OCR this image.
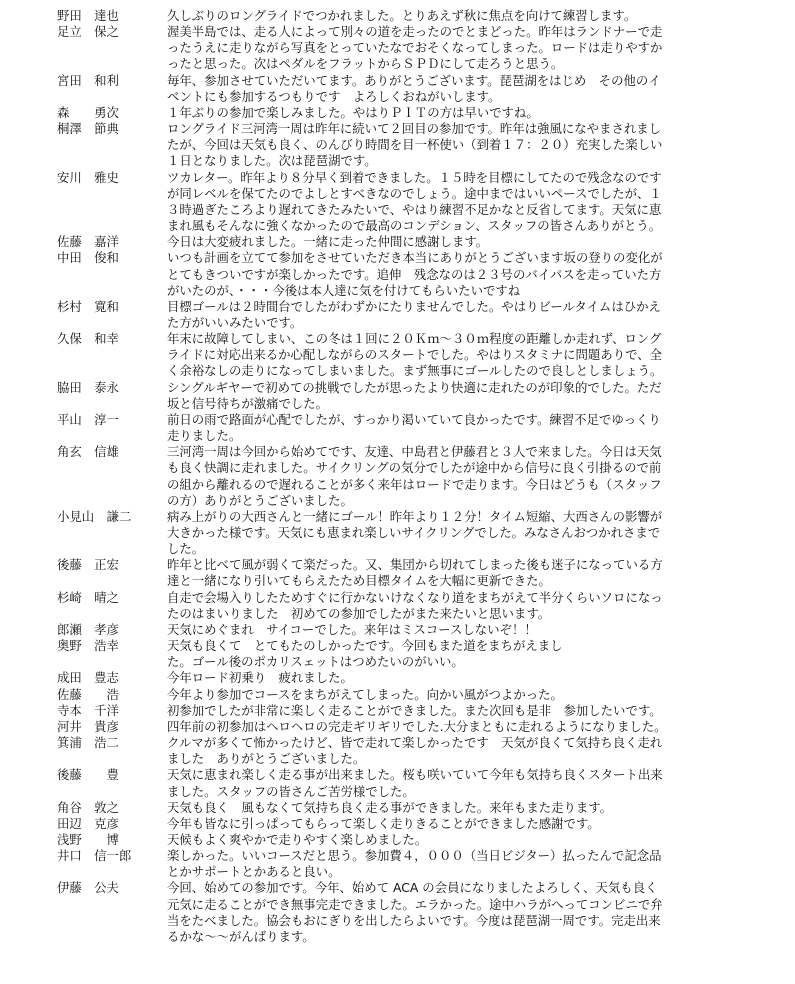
野田　達也	久しぶりのロングライドでつかれました。とりあえず秋に焦点を向けて練習します。
足立　保之	渥美半島では、走る人によって別々の道を走ったのでとまどった。昨年はランドナーで走
ったうえに走りながら写真をとっていたなでおそくなってしまった。ロードは走りやすか
ったと思った。次はペダルをフラットからＳＰＤにして走ろうと思う。
宮田　和利	毎年、参加させていただいてます。ありがとうございます。琵琶湖をはじめ　その他のイ
ベントにも参加するつもりです　よろしくおねがいします。
森　　勇次	１年ぶりの参加で楽しみました。やはりＰＩＴの方は早いですね。
桐澤　節典	ロングライド三河湾一周は昨年に続いて２回目の参加です。昨年は強風になやまされまし
たが、今回は天気も良く、のんびり時間を目一杯使い（到着１７：２０）充実した楽しい
１日となりました。次は琵琶湖です。
安川　雅史	ツカレター。昨年より８分早く到着できました。１５時を目標にしてたので残念なのです
が同レベルを保てたのでよしとすべきなのでしょう。途中まではいいペースでしたが、１
３時過ぎたころより遅れてきたみたいで、やはり練習不足かなと反省してます。天気に恵
まれ風もそんなに強くなかったので最高のコンデション、スタッフの皆さんありがとう。
佐藤　嘉洋	今日は大変疲れました。一緒に走った仲間に感謝します。
中田　俊和	いつも計画を立てて参加をさせていただき本当にありがとうございます坂の登りの変化が
とてもきついですが楽しかったです。追伸　残念なのは２３号のバイパスを走っていた方
がいたのが、・・・今後は本人達に気を付けてもらいたいですね
杉村　寛和	目標ゴールは２時間台でしたがわずかにたりませんでした。やはりビールタイムはひかえ
た方がいいみたいです。
久保　和幸	年末に故障してしまい、この冬は１回に２０Ｋｍ～３０ｍ程度の距離しか走れず、ロング
ライドに対応出来るか心配しながらのスタートでした。やはりスタミナに問題ありで、全
く余裕なしの走りになってしまいました。まず無事にゴールしたので良しとしましょう。
脇田　泰永	シングルギヤーで初めての挑戦でしたが思ったより快適に走れたのが印象的でした。ただ
坂と信号待ちが激痛でした。
平山　淳一	前日の雨で路面が心配でしたが、すっかり渇いていて良かったです。練習不足でゆっくり
走りました。
角玄　信雄	三河湾一周は今回から始めてです、友達、中島君と伊藤君と３人で来ました。今日は天気
も良く快調に走れました。サイクリングの気分でしたが途中から信号に良く引掛るので前
の組から離れるので遅れることが多く来年はロードで走ります。今日はどうも（スタッフ
の方）ありがとうございました。
小見山　謙二	病み上がりの大西さんと一緒にゴール！昨年より１２分！タイム短縮、大西さんの影響が
大きかった様です。天気にも恵まれ楽しいサイクリングでした。みなさんおつかれさまで
した。
後藤　正宏	昨年と比べて風が弱くて楽だった。又、集団から切れてしまった後も迷子になっている方
達と一緒になり引いてもらえたため目標タイムを大幅に更新できた。
杉崎　晴之	自走で会場入りしたためすぐに行かないけなくなり道をまちがえて半分くらいソロになっ
たのはまいりました　初めての参加でしたがまた来たいと思います。
郎瀬　孝彦	天気にめぐまれ　サイコーでした。来年はミスコースしないぞ！！
奥野　浩幸	天気も良くて　とてもたのしかったです。今回もまた道をまちがえまし
た。ゴール後のポカリスェットはつめたいのがいい。
成田　豊志	今年ロード初乗り　疲れました。
佐藤　　浩	今年より参加でコースをまちがえてしまった。向かい風がつよかった。
寺本　千洋	初参加でしたが非常に楽しく走ることができました。また次回も是非　参加したいです。
河井　貴彦	四年前の初参加はヘロヘロの完走ギリギリでした.大分まともに走れるようになりました。
箕浦　浩二	クルマが多くて怖かったけど、皆で走れて楽しかったです　天気が良くて気持ち良く走れ
ました　ありがとうございました。
後藤　　豊	天気に恵まれ楽しく走る事が出来ました。桜も咲いていて今年も気持ち良くスタート出来
ました。スタッフの皆さんご苦労様でした。
角谷　敦之	天気も良く　風もなくて気持ち良く走る事ができました。来年もまた走ります。
田辺　克彦	今年も皆なに引っぱってもらって楽しく走りきることができました感謝です。
浅野　　博	天候もよく爽やかで走りやすく楽しめました。
井口　信一郎	楽しかった。いいコースだと思う。参加費４，０００（当日ビジター）払ったんで記念品
とかサポートとかあると良い。
伊藤　公夫	今回、始めての参加です。今年、始めて ACA の会員になりましたよろしく、天気も良く
元気に走ることができ無事完走できました。エラかった。途中ハラがへってコンビニで弁
当をたべました。協会もおにぎりを出したらよいです。今度は琵琶湖一周です。完走出来
るかな～～がんばります。
